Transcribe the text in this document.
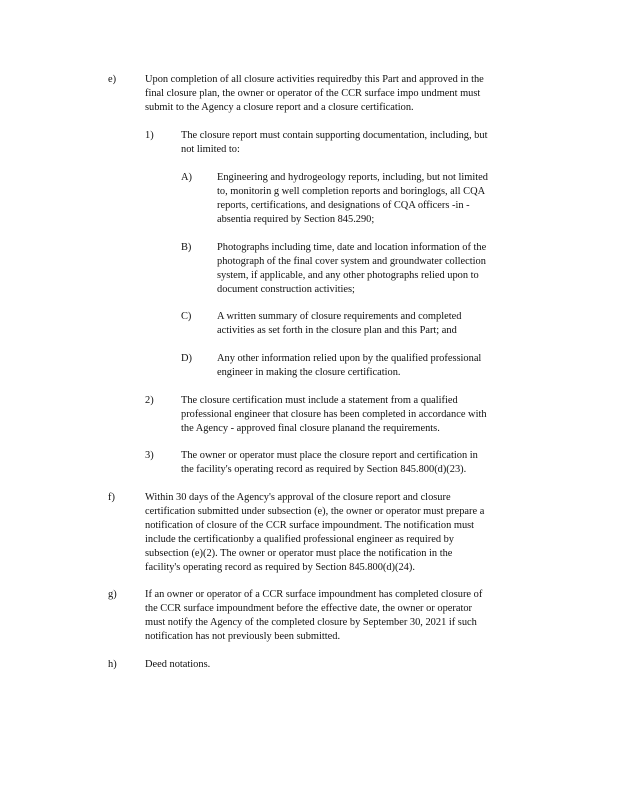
e)	Upon completion of all closure activities requiredby this Part and approved in the
final closure plan, the owner or operator of the CCR surface impo undment must
submit to the Agency a closure report and a closure certification.
1)	The closure report must contain supporting documentation, including, but
not limited to:
A) Engineering and hydrogeology reports, including, but not limited
to, monitorin g well completion reports and boringlogs, all CQA
reports, certifications, and designations of CQA officers -in -
absentia required by Section 845.290;
B) Photographs including time, date and location information of the
photograph of the final cover system and groundwater collection
system, if applicable, and any other photographs relied upon to
document construction activities;
C) A written summary of closure requirements and completed
activities as set forth in the closure plan and this Part; and
D) Any other information relied upon by the qualified professional
engineer in making the closure certification.
2)	The closure certification must include a statement from a qualified
professional engineer that closure has been completed in accordance with
the Agency - approved final closure planand the requirements.
3)	The owner or operator must place the closure report and certification in
the facility's operating record as required by Section 845.800(d)(23).
f)	Within 30 days of the Agency's approval of the closure report and closure
certification submitted under subsection (e), the owner or operator must prepare a
notification of closure of the CCR surface impoundment. The notification must
include the certificationby a qualified professional engineer as required by
subsection (e)(2). The owner or operator must place the notification in the
facility's operating record as required by Section 845.800(d)(24).
g)	If an owner or operator of a CCR surface impoundment has completed closure of
the CCR surface impoundment before the effective date, the owner or operator
must notify the Agency of the completed closure by September 30, 2021 if such
notification has not previously been submitted.
h)	Deed notations.
